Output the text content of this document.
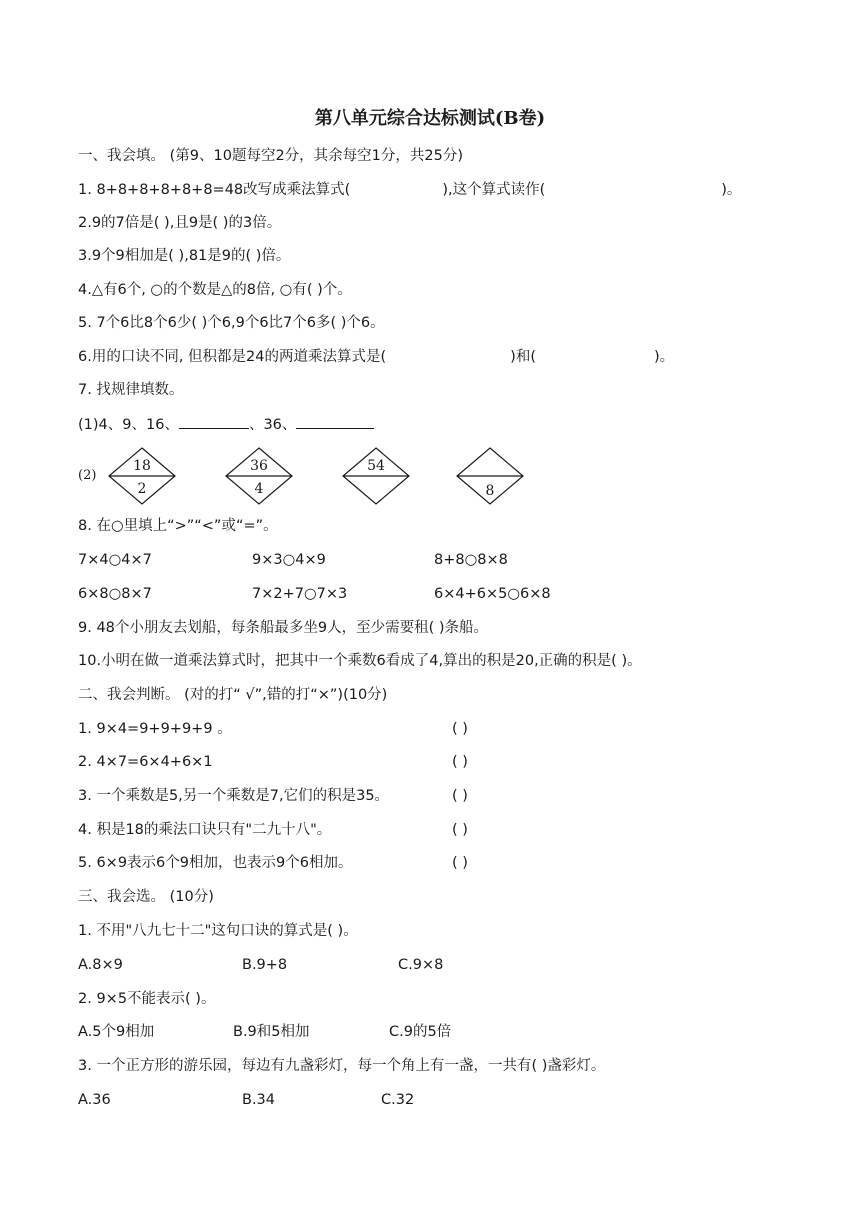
第八单元综合达标测试(B卷)
一、我会填。 (第9、10题每空2分，其余每空1分，共25分)
1. 8+8+8+8+8+8=48改写成乘法算式(	),这个算式读作(	)。
2.9的7倍是( ),且9是( )的3倍。
3.9个9相加是( ),81是9的( )倍。
4.△有6个, ○的个数是△的8倍, ○有( )个。
5. 7个6比8个6少( )个6,9个6比7个6多( )个6。
6.用的口诀不同, 但积都是24的两道乘法算式是(	)和(	)。
7. 找规律填数。
(1)4、9、16、	、36、
(2)
18
2
36
4
54
8
8. 在○里填上“>”“<”或“=”。
7×4○4×7	9×3○4×9	8+8○8×8
6×8○8×7	7×2+7○7×3	6×4+6×5○6×8
9. 48个小朋友去划船，每条船最多坐9人，至少需要租( )条船。
10.小明在做一道乘法算式时，把其中一个乘数6看成了4,算出的积是20,正确的积是( )。
二、我会判断。 (对的打“ √”,错的打“×”)(10分)
1. 9×4=9+9+9+9 。	( )
2. 4×7=6×4+6×1	( )
3. 一个乘数是5,另一个乘数是7,它们的积是35。	( )
4. 积是18的乘法口诀只有"二九十八"。	( )
5. 6×9表示6个9相加，也表示9个6相加。	( )
三、我会选。 (10分)
1. 不用"八九七十二"这句口诀的算式是( )。
A.8×9	B.9+8	C.9×8
2. 9×5不能表示( )。
A.5个9相加	B.9和5相加	C.9的5倍
3. 一个正方形的游乐园，每边有九盏彩灯，每一个角上有一盏，一共有( )盏彩灯。
A.36	B.34	C.32
